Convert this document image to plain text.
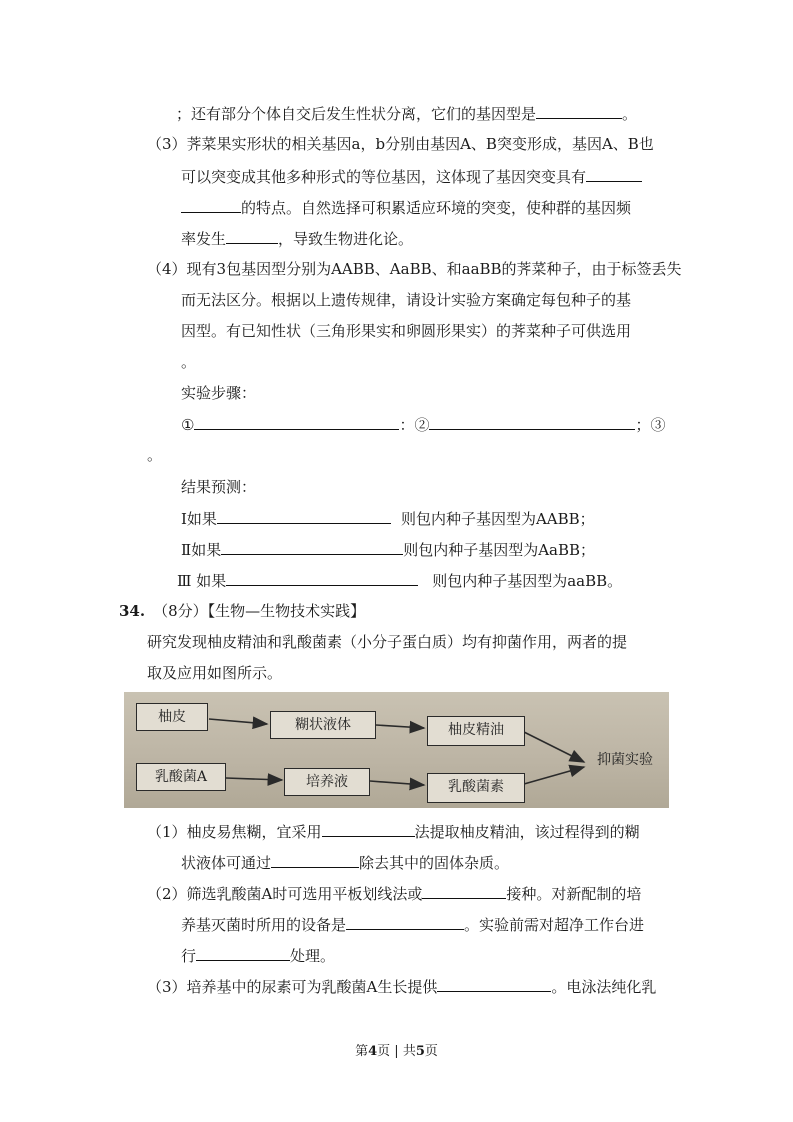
；还有部分个体自交后发生性状分离，它们的基因型是	。
（3）荠菜果实形状的相关基因a，b分别由基因A、B突变形成，基因A、B也
可以突变成其他多种形式的等位基因，这体现了基因突变具有
的特点。自然选择可积累适应环境的突变，使种群的基因频
率发生	，导致生物进化论。
（4）现有3包基因型分别为AABB、AaBB、和aaBB的荠菜种子，由于标签丢失
而无法区分。根据以上遗传规律，请设计实验方案确定每包种子的基
因型。有已知性状（三角形果实和卵圆形果实）的荠菜种子可供选用
。
实验步骤：
①	：②	；③
。
结果预测：
Ⅰ如果	则包内种子基因型为AABB；
Ⅱ如果	则包内种子基因型为AaBB；
Ⅲ 如果	则包内种子基因型为aaBB。
34. （8分）【生物—生物技术实践】
研究发现柚皮精油和乳酸菌素（小分子蛋白质）均有抑菌作用，两者的提
取及应用如图所示。
柚皮	糊状液体	柚皮精油
乳酸菌A	培养液	乳酸菌素
抑菌实验
（1）柚皮易焦糊，宜采用	法提取柚皮精油，该过程得到的糊
状液体可通过	除去其中的固体杂质。
（2）筛选乳酸菌A时可选用平板划线法或	接种。对新配制的培
养基灭菌时所用的设备是	。实验前需对超净工作台进
行	处理。
（3）培养基中的尿素可为乳酸菌A生长提供	。电泳法纯化乳
第4页 | 共5页
